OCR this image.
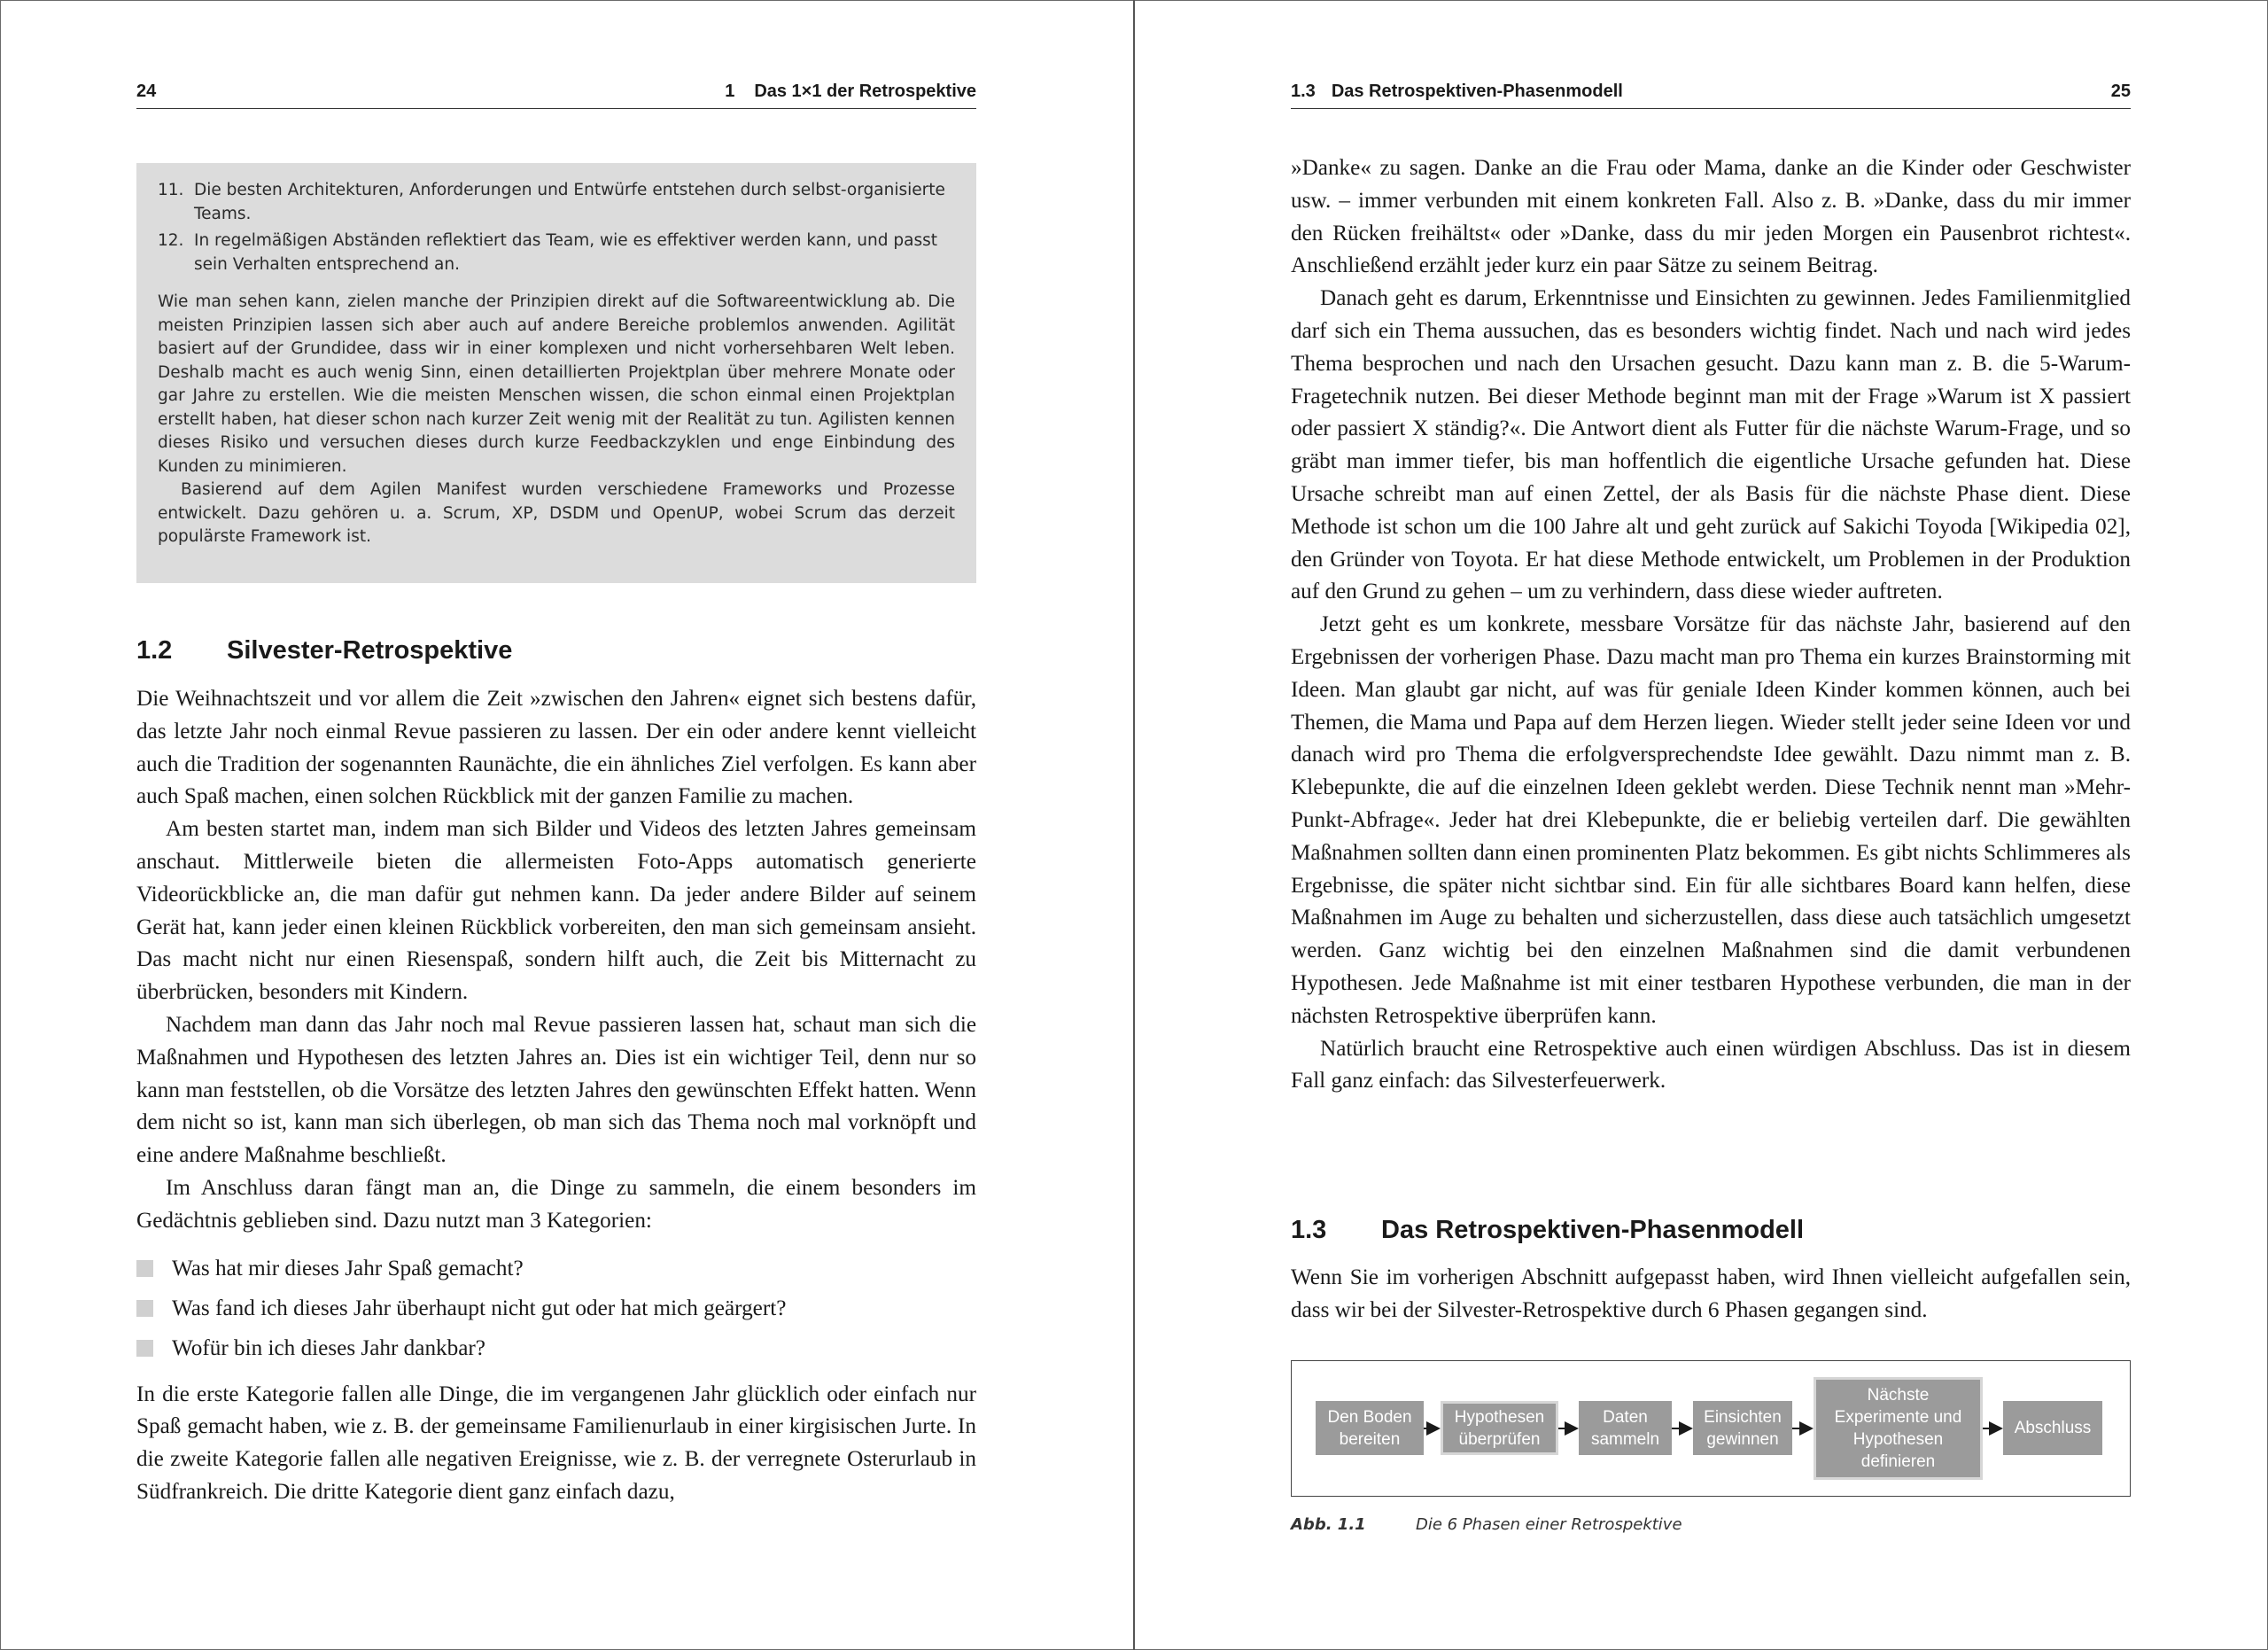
24	1 Das 1×1 der Retrospektive
11. Die besten Architekturen, Anforderungen und Entwürfe entstehen durch selbst-organisierte Teams.
12. In regelmäßigen Abständen reflektiert das Team, wie es effektiver werden kann, und passt sein Verhalten entsprechend an.

Wie man sehen kann, zielen manche der Prinzipien direkt auf die Softwareentwicklung ab. Die meisten Prinzipien lassen sich aber auch auf andere Bereiche problemlos anwenden. Agilität basiert auf der Grundidee, dass wir in einer komplexen und nicht vorhersehbaren Welt leben. Deshalb macht es auch wenig Sinn, einen detaillierten Projektplan über mehrere Monate oder gar Jahre zu erstellen. Wie die meisten Menschen wissen, die schon einmal einen Projektplan erstellt haben, hat dieser schon nach kurzer Zeit wenig mit der Realität zu tun. Agilisten kennen dieses Risiko und versuchen dieses durch kurze Feedbackzyklen und enge Einbindung des Kunden zu minimieren.

Basierend auf dem Agilen Manifest wurden verschiedene Frameworks und Prozesse entwickelt. Dazu gehören u. a. Scrum, XP, DSDM und OpenUP, wobei Scrum das derzeit populärste Framework ist.

1.2 Silvester-Retrospektive

Die Weihnachtszeit und vor allem die Zeit »zwischen den Jahren« eignet sich bestens dafür, das letzte Jahr noch einmal Revue passieren zu lassen. Der ein oder andere kennt vielleicht auch die Tradition der sogenannten Raunächte, die ein ähnliches Ziel verfolgen. Es kann aber auch Spaß machen, einen solchen Rückblick mit der ganzen Familie zu machen.

Am besten startet man, indem man sich Bilder und Videos des letzten Jahres gemeinsam anschaut. Mittlerweile bieten die allermeisten Foto-Apps automatisch generierte Videorückblicke an, die man dafür gut nehmen kann. Da jeder andere Bilder auf seinem Gerät hat, kann jeder einen kleinen Rückblick vorbereiten, den man sich gemeinsam ansieht. Das macht nicht nur einen Riesenspaß, sondern hilft auch, die Zeit bis Mitternacht zu überbrücken, besonders mit Kindern.

Nachdem man dann das Jahr noch mal Revue passieren lassen hat, schaut man sich die Maßnahmen und Hypothesen des letzten Jahres an. Dies ist ein wichtiger Teil, denn nur so kann man feststellen, ob die Vorsätze des letzten Jahres den gewünschten Effekt hatten. Wenn dem nicht so ist, kann man sich überlegen, ob man sich das Thema noch mal vorknöpft und eine andere Maßnahme beschließt.

Im Anschluss daran fängt man an, die Dinge zu sammeln, die einem besonders im Gedächtnis geblieben sind. Dazu nutzt man 3 Kategorien:

Was hat mir dieses Jahr Spaß gemacht?
Was fand ich dieses Jahr überhaupt nicht gut oder hat mich geärgert?
Wofür bin ich dieses Jahr dankbar?

In die erste Kategorie fallen alle Dinge, die im vergangenen Jahr glücklich oder einfach nur Spaß gemacht haben, wie z. B. der gemeinsame Familienurlaub in einer kirgisischen Jurte. In die zweite Kategorie fallen alle negativen Ereignisse, wie z. B. der verregnete Osterurlaub in Südfrankreich. Die dritte Kategorie dient ganz einfach dazu,

1.3 Das Retrospektiven-Phasenmodell	25

»Danke« zu sagen. Danke an die Frau oder Mama, danke an die Kinder oder Geschwister usw. – immer verbunden mit einem konkreten Fall. Also z. B. »Danke, dass du mir immer den Rücken freihältst« oder »Danke, dass du mir jeden Morgen ein Pausenbrot richtest«. Anschließend erzählt jeder kurz ein paar Sätze zu seinem Beitrag.

Danach geht es darum, Erkenntnisse und Einsichten zu gewinnen. Jedes Familienmitglied darf sich ein Thema aussuchen, das es besonders wichtig findet. Nach und nach wird jedes Thema besprochen und nach den Ursachen gesucht. Dazu kann man z. B. die 5-Warum-Fragetechnik nutzen. Bei dieser Methode beginnt man mit der Frage »Warum ist X passiert oder passiert X ständig?«. Die Antwort dient als Futter für die nächste Warum-Frage, und so gräbt man immer tiefer, bis man hoffentlich die eigentliche Ursache gefunden hat. Diese Ursache schreibt man auf einen Zettel, der als Basis für die nächste Phase dient. Diese Methode ist schon um die 100 Jahre alt und geht zurück auf Sakichi Toyoda [Wikipedia 02], den Gründer von Toyota. Er hat diese Methode entwickelt, um Problemen in der Produktion auf den Grund zu gehen – um zu verhindern, dass diese wieder auftreten.

Jetzt geht es um konkrete, messbare Vorsätze für das nächste Jahr, basierend auf den Ergebnissen der vorherigen Phase. Dazu macht man pro Thema ein kurzes Brainstorming mit Ideen. Man glaubt gar nicht, auf was für geniale Ideen Kinder kommen können, auch bei Themen, die Mama und Papa auf dem Herzen liegen. Wieder stellt jeder seine Ideen vor und danach wird pro Thema die erfolgversprechendste Idee gewählt. Dazu nimmt man z. B. Klebepunkte, die auf die einzelnen Ideen geklebt werden. Diese Technik nennt man »Mehr-Punkt-Abfrage«. Jeder hat drei Klebepunkte, die er beliebig verteilen darf. Die gewählten Maßnahmen sollten dann einen prominenten Platz bekommen. Es gibt nichts Schlimmeres als Ergebnisse, die später nicht sichtbar sind. Ein für alle sichtbares Board kann helfen, diese Maßnahmen im Auge zu behalten und sicherzustellen, dass diese auch tatsächlich umgesetzt werden. Ganz wichtig bei den einzelnen Maßnahmen sind die damit verbundenen Hypothesen. Jede Maßnahme ist mit einer testbaren Hypothese verbunden, die man in der nächsten Retrospektive überprüfen kann.

Natürlich braucht eine Retrospektive auch einen würdigen Abschluss. Das ist in diesem Fall ganz einfach: das Silvesterfeuerwerk.

1.3 Das Retrospektiven-Phasenmodell

Wenn Sie im vorherigen Abschnitt aufgepasst haben, wird Ihnen vielleicht aufgefallen sein, dass wir bei der Silvester-Retrospektive durch 6 Phasen gegangen sind.

Den Boden
bereiten
Hypothesen
überprüfen
Daten
sammeln
Einsichten
gewinnen
Nächste
Experimente und
Hypothesen
definieren
Abschluss
Abb. 1.1	Die 6 Phasen einer Retrospektive
